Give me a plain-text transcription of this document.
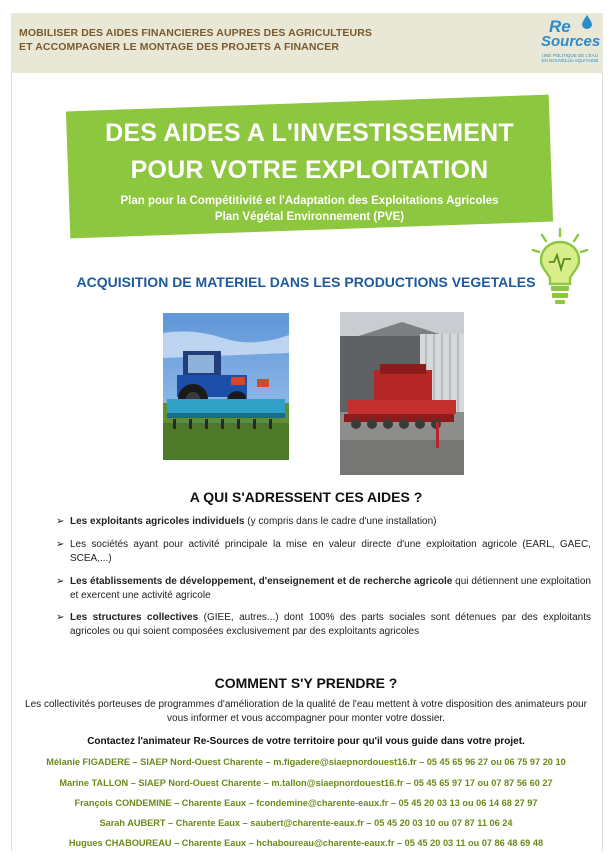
MOBILISER DES AIDES FINANCIERES AUPRES DES AGRICULTEURS
ET ACCOMPAGNER LE MONTAGE DES PROJETS A FINANCER
Re
Sources
UNE POLITIQUE DE L'EAU EN NOUVELLE-AQUITAINE
DES AIDES A L'INVESTISSEMENT
POUR VOTRE EXPLOITATION
Plan pour la Compétitivité et l'Adaptation des Exploitations Agricoles
Plan Végétal Environnement (PVE)
ACQUISITION DE MATERIEL DANS LES PRODUCTIONS VEGETALES
A QUI S'ADRESSENT CES AIDES ?
➢ Les exploitants agricoles individuels (y compris dans le cadre d'une installation)
➢ Les sociétés ayant pour activité principale la mise en valeur directe d'une exploitation agricole (EARL, GAEC, SCEA,...)
➢ Les établissements de développement, d'enseignement et de recherche agricole qui détiennent une exploitation et exercent une activité agricole
➢ Les structures collectives (GIEE, autres...) dont 100% des parts sociales sont détenues par des exploitants agricoles ou qui soient composées exclusivement par des exploitants agricoles
COMMENT S'Y PRENDRE ?
Les collectivités porteuses de programmes d'amélioration de la qualité de l'eau mettent à votre disposition des animateurs pour vous informer et vous accompagner pour monter votre dossier.
Contactez l'animateur Re-Sources de votre territoire pour qu'il vous guide dans votre projet.
Mélanie FIGADERE – SIAEP Nord-Ouest Charente – m.figadere@siaepnordouest16.fr – 05 45 65 96 27 ou 06 75 97 20 10
Marine TALLON – SIAEP Nord-Ouest Charente – m.tallon@siaepnordouest16.fr – 05 45 65 97 17 ou 07 87 56 60 27
François CONDEMINE – Charente Eaux – fcondemine@charente-eaux.fr – 05 45 20 03 13 ou 06 14 68 27 97
Sarah AUBERT – Charente Eaux – saubert@charente-eaux.fr – 05 45 20 03 10 ou 07 87 11 06 24
Hugues CHABOUREAU – Charente Eaux – hchaboureau@charente-eaux.fr – 05 45 20 03 11 ou 07 86 48 69 48
